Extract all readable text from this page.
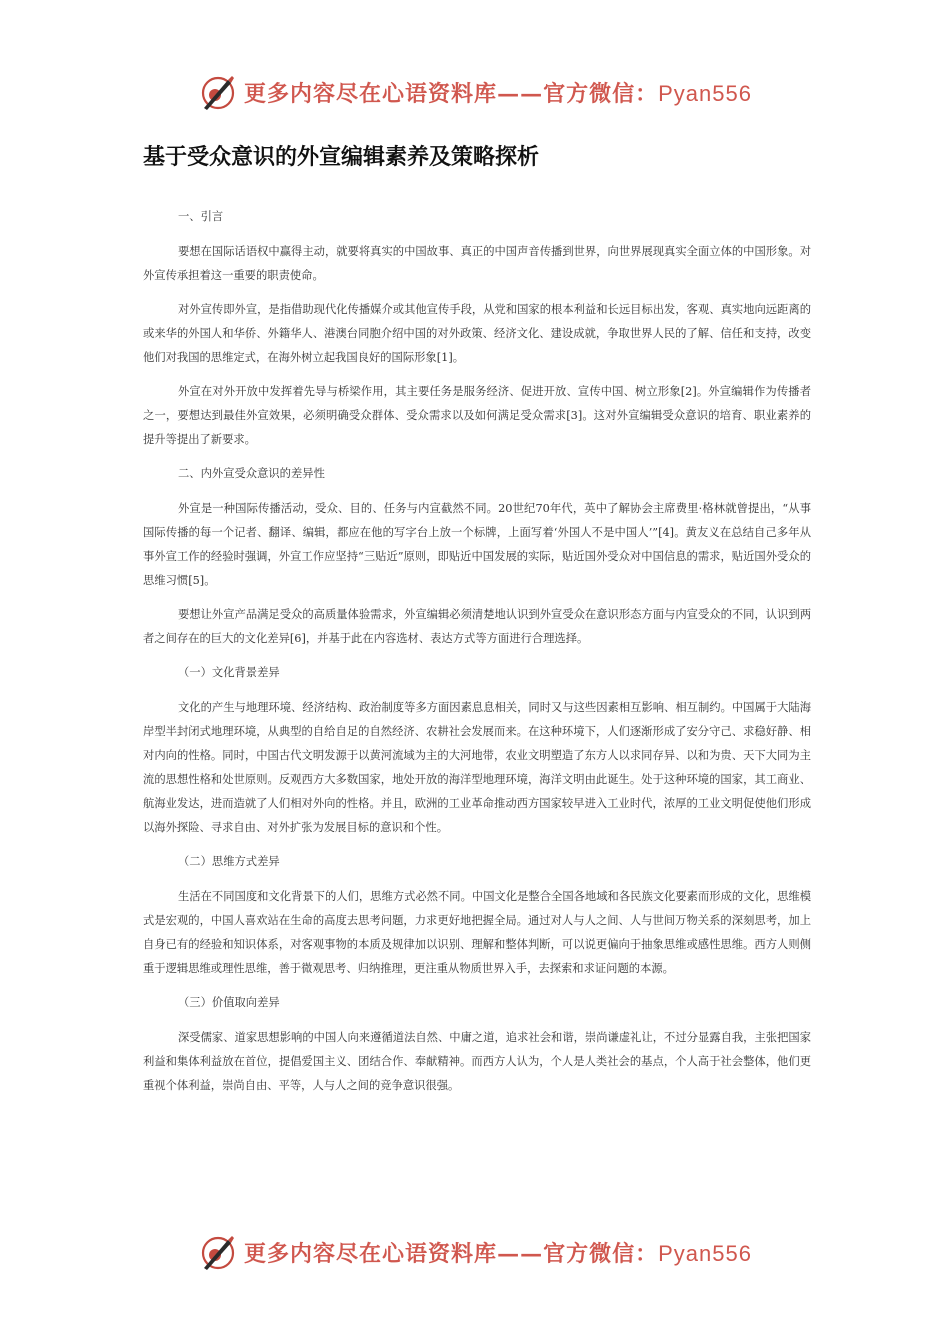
更多内容尽在心语资料库——官方微信：Pyan556
基于受众意识的外宣编辑素养及策略探析

一、引言

要想在国际话语权中赢得主动，就要将真实的中国故事、真正的中国声音传播到世界，向世界展现真实全面立体的中国形象。对外宣传承担着这一重要的职责使命。

对外宣传即外宣，是指借助现代化传播媒介或其他宣传手段，从党和国家的根本利益和长远目标出发，客观、真实地向远距离的或来华的外国人和华侨、外籍华人、港澳台同胞介绍中国的对外政策、经济文化、建设成就，争取世界人民的了解、信任和支持，改变他们对我国的思维定式，在海外树立起我国良好的国际形象[1]。

外宣在对外开放中发挥着先导与桥梁作用，其主要任务是服务经济、促进开放、宣传中国、树立形象[2]。外宣编辑作为传播者之一，要想达到最佳外宣效果，必须明确受众群体、受众需求以及如何满足受众需求[3]。这对外宣编辑受众意识的培育、职业素养的提升等提出了新要求。

二、内外宣受众意识的差异性

外宣是一种国际传播活动，受众、目的、任务与内宣截然不同。20世纪70年代，英中了解协会主席费里·格林就曾提出，“从事国际传播的每一个记者、翻译、编辑，都应在他的写字台上放一个标牌，上面写着‘外国人不是中国人’”[4]。黄友义在总结自己多年从事外宣工作的经验时强调，外宣工作应坚持“三贴近”原则，即贴近中国发展的实际，贴近国外受众对中国信息的需求，贴近国外受众的思维习惯[5]。

要想让外宣产品满足受众的高质量体验需求，外宣编辑必须清楚地认识到外宣受众在意识形态方面与内宣受众的不同，认识到两者之间存在的巨大的文化差异[6]，并基于此在内容选材、表达方式等方面进行合理选择。

（一）文化背景差异

文化的产生与地理环境、经济结构、政治制度等多方面因素息息相关，同时又与这些因素相互影响、相互制约。中国属于大陆海岸型半封闭式地理环境，从典型的自给自足的自然经济、农耕社会发展而来。在这种环境下，人们逐渐形成了安分守己、求稳好静、相对内向的性格。同时，中国古代文明发源于以黄河流域为主的大河地带，农业文明塑造了东方人以求同存异、以和为贵、天下大同为主流的思想性格和处世原则。反观西方大多数国家，地处开放的海洋型地理环境，海洋文明由此诞生。处于这种环境的国家，其工商业、航海业发达，进而造就了人们相对外向的性格。并且，欧洲的工业革命推动西方国家较早进入工业时代，浓厚的工业文明促使他们形成以海外探险、寻求自由、对外扩张为发展目标的意识和个性。

（二）思维方式差异

生活在不同国度和文化背景下的人们，思维方式必然不同。中国文化是整合全国各地域和各民族文化要素而形成的文化，思维模式是宏观的，中国人喜欢站在生命的高度去思考问题，力求更好地把握全局。通过对人与人之间、人与世间万物关系的深刻思考，加上自身已有的经验和知识体系，对客观事物的本质及规律加以识别、理解和整体判断，可以说更偏向于抽象思维或感性思维。西方人则侧重于逻辑思维或理性思维，善于微观思考、归纳推理，更注重从物质世界入手，去探索和求证问题的本源。

（三）价值取向差异

深受儒家、道家思想影响的中国人向来遵循道法自然、中庸之道，追求社会和谐，崇尚谦虚礼让，不过分显露自我，主张把国家利益和集体利益放在首位，提倡爱国主义、团结合作、奉献精神。而西方人认为，个人是人类社会的基点，个人高于社会整体，他们更重视个体利益，崇尚自由、平等，人与人之间的竞争意识很强。

更多内容尽在心语资料库——官方微信：Pyan556
